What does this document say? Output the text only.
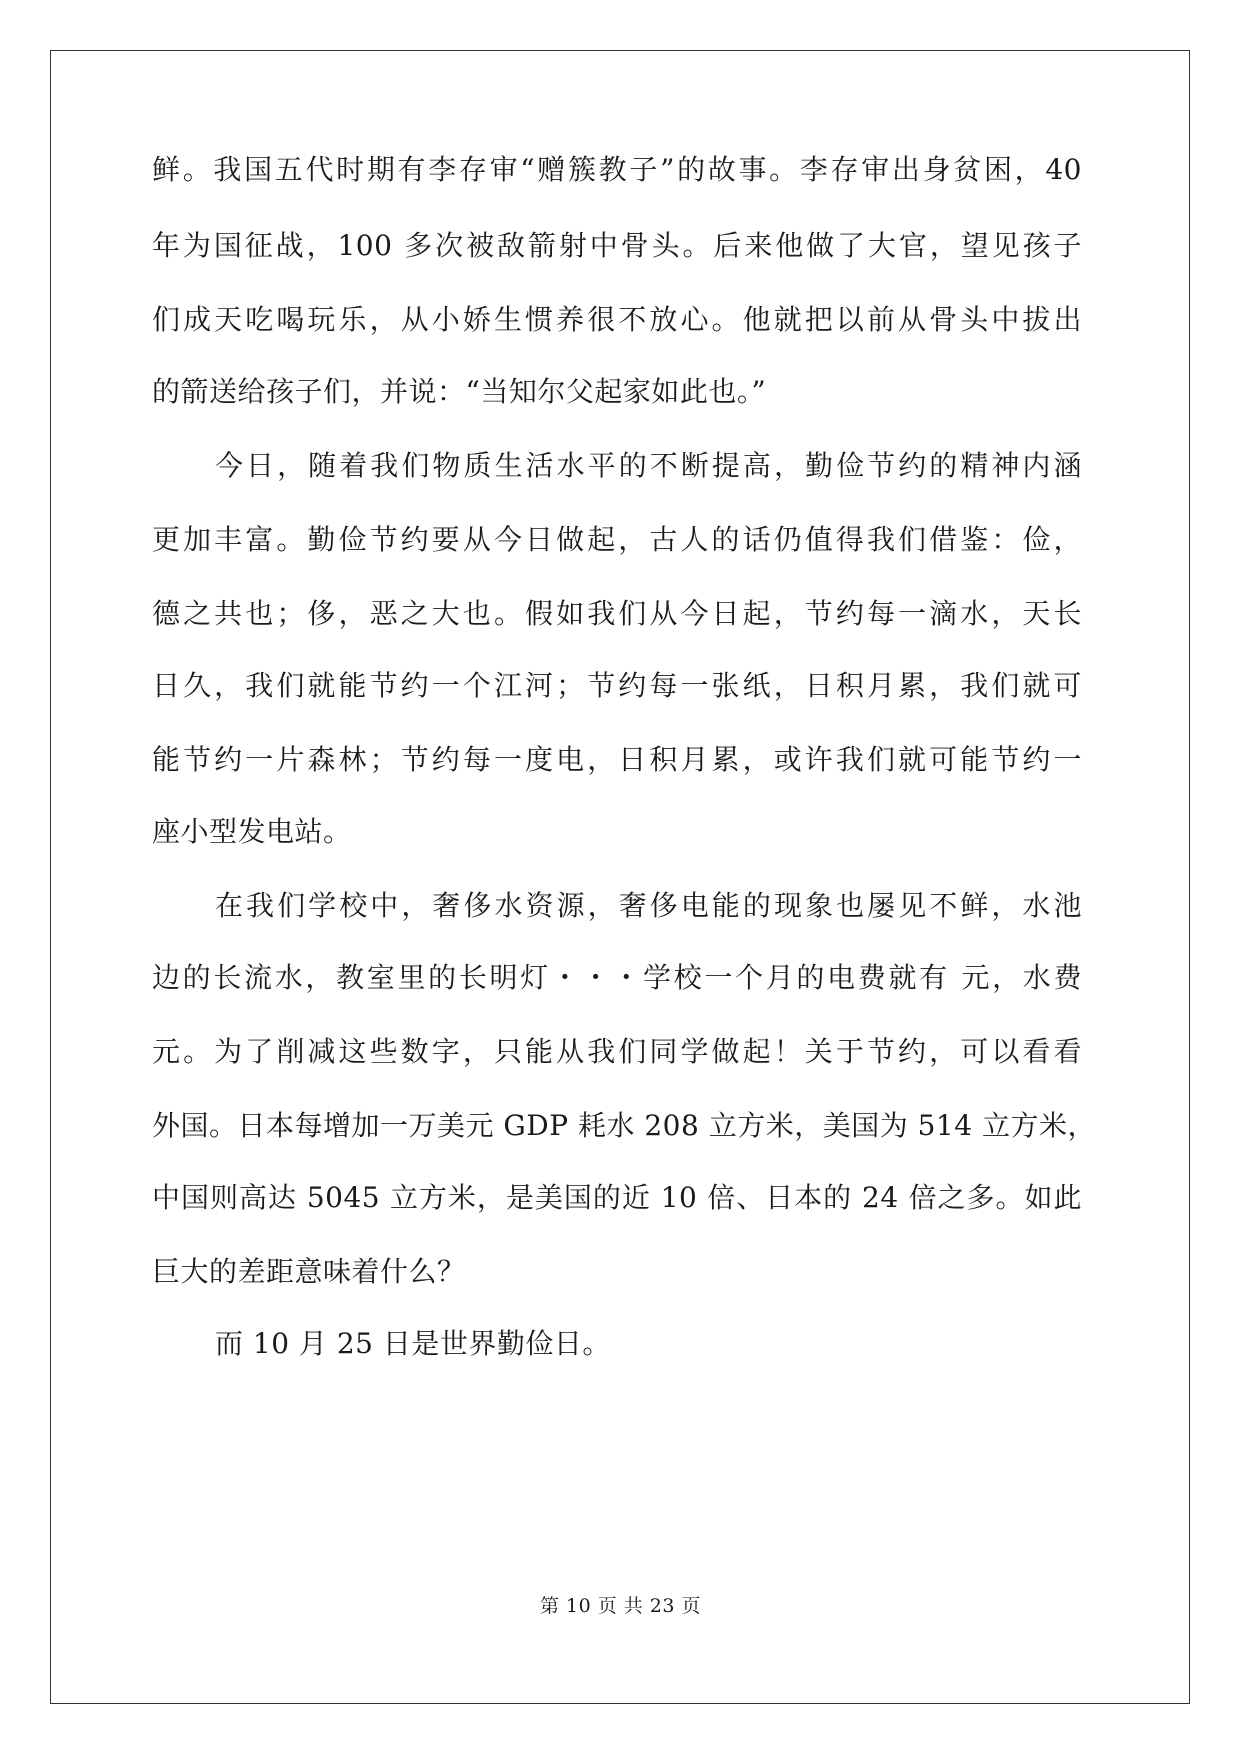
鲜。我国五代时期有李存审“赠簇教子”的故事。李存审出身贫困，40
年为国征战，100 多次被敌箭射中骨头。后来他做了大官，望见孩子
们成天吃喝玩乐，从小娇生惯养很不放心。他就把以前从骨头中拔出
的箭送给孩子们，并说：“当知尔父起家如此也。”
今日，随着我们物质生活水平的不断提高，勤俭节约的精神内涵
更加丰富。勤俭节约要从今日做起，古人的话仍值得我们借鉴：俭，
德之共也；侈，恶之大也。假如我们从今日起，节约每一滴水，天长
日久，我们就能节约一个江河；节约每一张纸，日积月累，我们就可
能节约一片森林；节约每一度电，日积月累，或许我们就可能节约一
座小型发电站。
在我们学校中，奢侈水资源，奢侈电能的现象也屡见不鲜，水池
边的长流水，教室里的长明灯・・・学校一个月的电费就有 元，水费
元。为了削减这些数字，只能从我们同学做起！关于节约，可以看看
外国。日本每增加一万美元 GDP 耗水 208 立方米，美国为 514 立方米，
中国则高达 5045 立方米，是美国的近 10 倍、日本的 24 倍之多。如此
巨大的差距意味着什么？
而 10 月 25 日是世界勤俭日。
第 10 页 共 23 页
